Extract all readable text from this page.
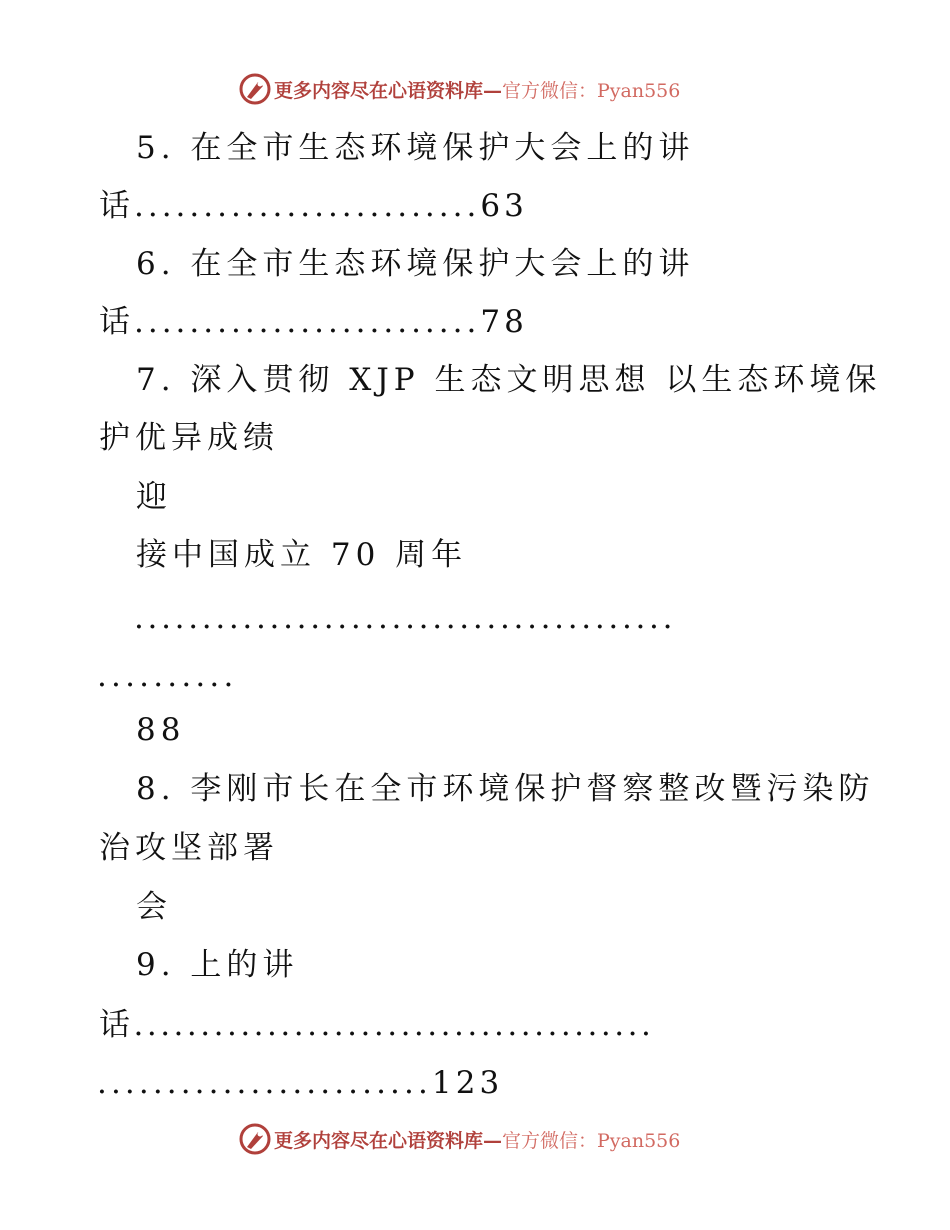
更多内容尽在心语资料库—官方微信：Pyan556
5. 在全市生态环境保护大会上的讲
话.........................63
6. 在全市生态环境保护大会上的讲
话.........................78
7. 深入贯彻 XJP 生态文明思想 以生态环境保
护优异成绩
迎
接中国成立 70 周年
........................................
..........
88
8. 李刚市长在全市环境保护督察整改暨污染防
治攻坚部署
会
9. 上的讲
话.......................................
........................123
更多内容尽在心语资料库—官方微信：Pyan556
